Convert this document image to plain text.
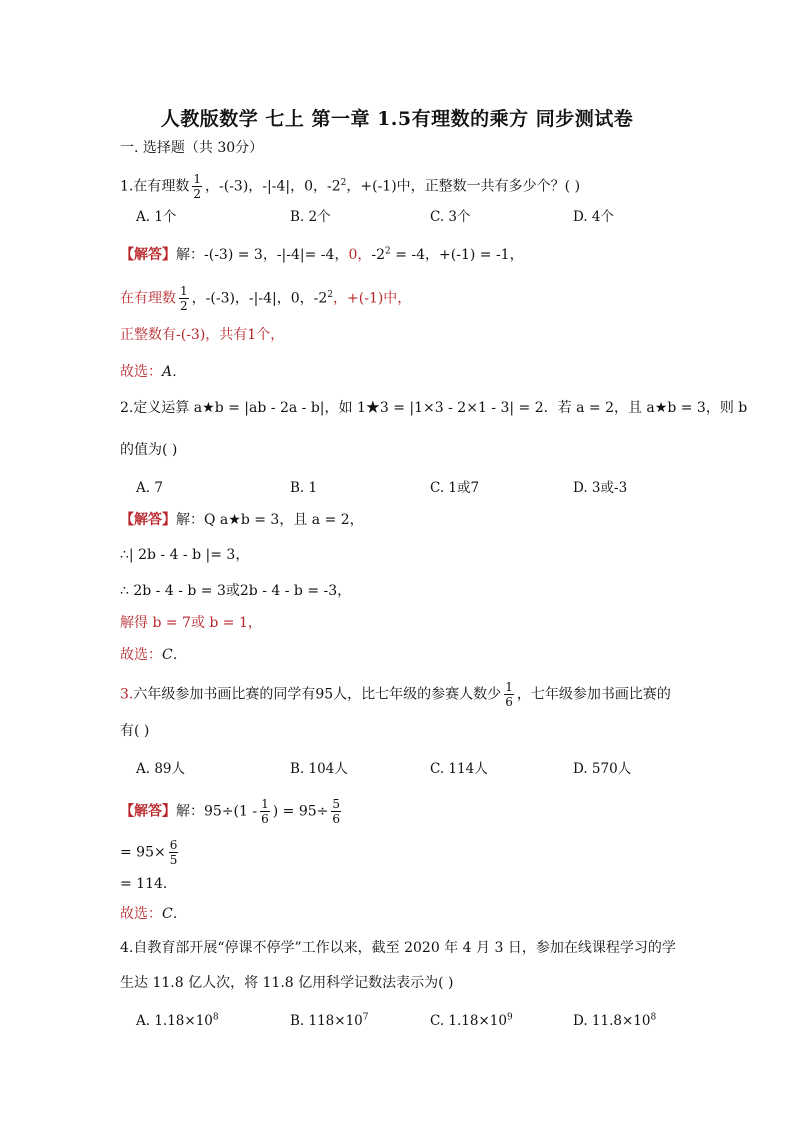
人教版数学 七上 第一章 1.5有理数的乘方 同步测试卷
一. 选择题（共 30分）
1.在有理数 $\frac{1}{2}$ ，-(-3)，-|-4|，0，$-2^2$，+(-1)中，正整数一共有多少个？( )
A. 1个	B. 2个	C. 3个	D. 4个
【解答】解：-(-3) = 3，-|-4|= -4，0，$-2^2 = -4$，+(-1) = -1，
在有理数 $\frac{1}{2}$ ，-(-3)，-|-4|，0，$-2^2$，+(-1)中，
正整数有-(-3)，共有1个，
故选：A．
2.定义运算 a★b = |ab - 2a - b|，如 1★3 = |1×3 - 2×1 - 3| = 2．若 a = 2，且 a★b = 3，则 b
的值为( )
A. 7	B. 1	C. 1或7	D. 3或-3
【解答】解：Q a★b = 3，且 a = 2，
∴| 2b - 4 - b |= 3，
∴ 2b - 4 - b = 3或2b - 4 - b = -3，
解得 b = 7或 b = 1，
故选：C．
3.六年级参加书画比赛的同学有95人，比七年级的参赛人数少 $\frac{1}{6}$ ，七年级参加书画比赛的
有( )
A. 89人	B. 104人	C. 114人	D. 570人
【解答】解：$95\div(1 - \frac{1}{6}$ ) = $95\div \frac{5}{6}$
= $95\times \frac{6}{5}$
= 114．
故选：C．
4.自教育部开展“停课不停学”工作以来，截至 2020 年 4 月 3 日，参加在线课程学习的学
生达 11.8 亿人次，将 11.8 亿用科学记数法表示为( )
A. $1.18\times 10^8$	B. $118\times 10^7$	C. $1.18\times 10^9$	D. $11.8\times 10^8$
